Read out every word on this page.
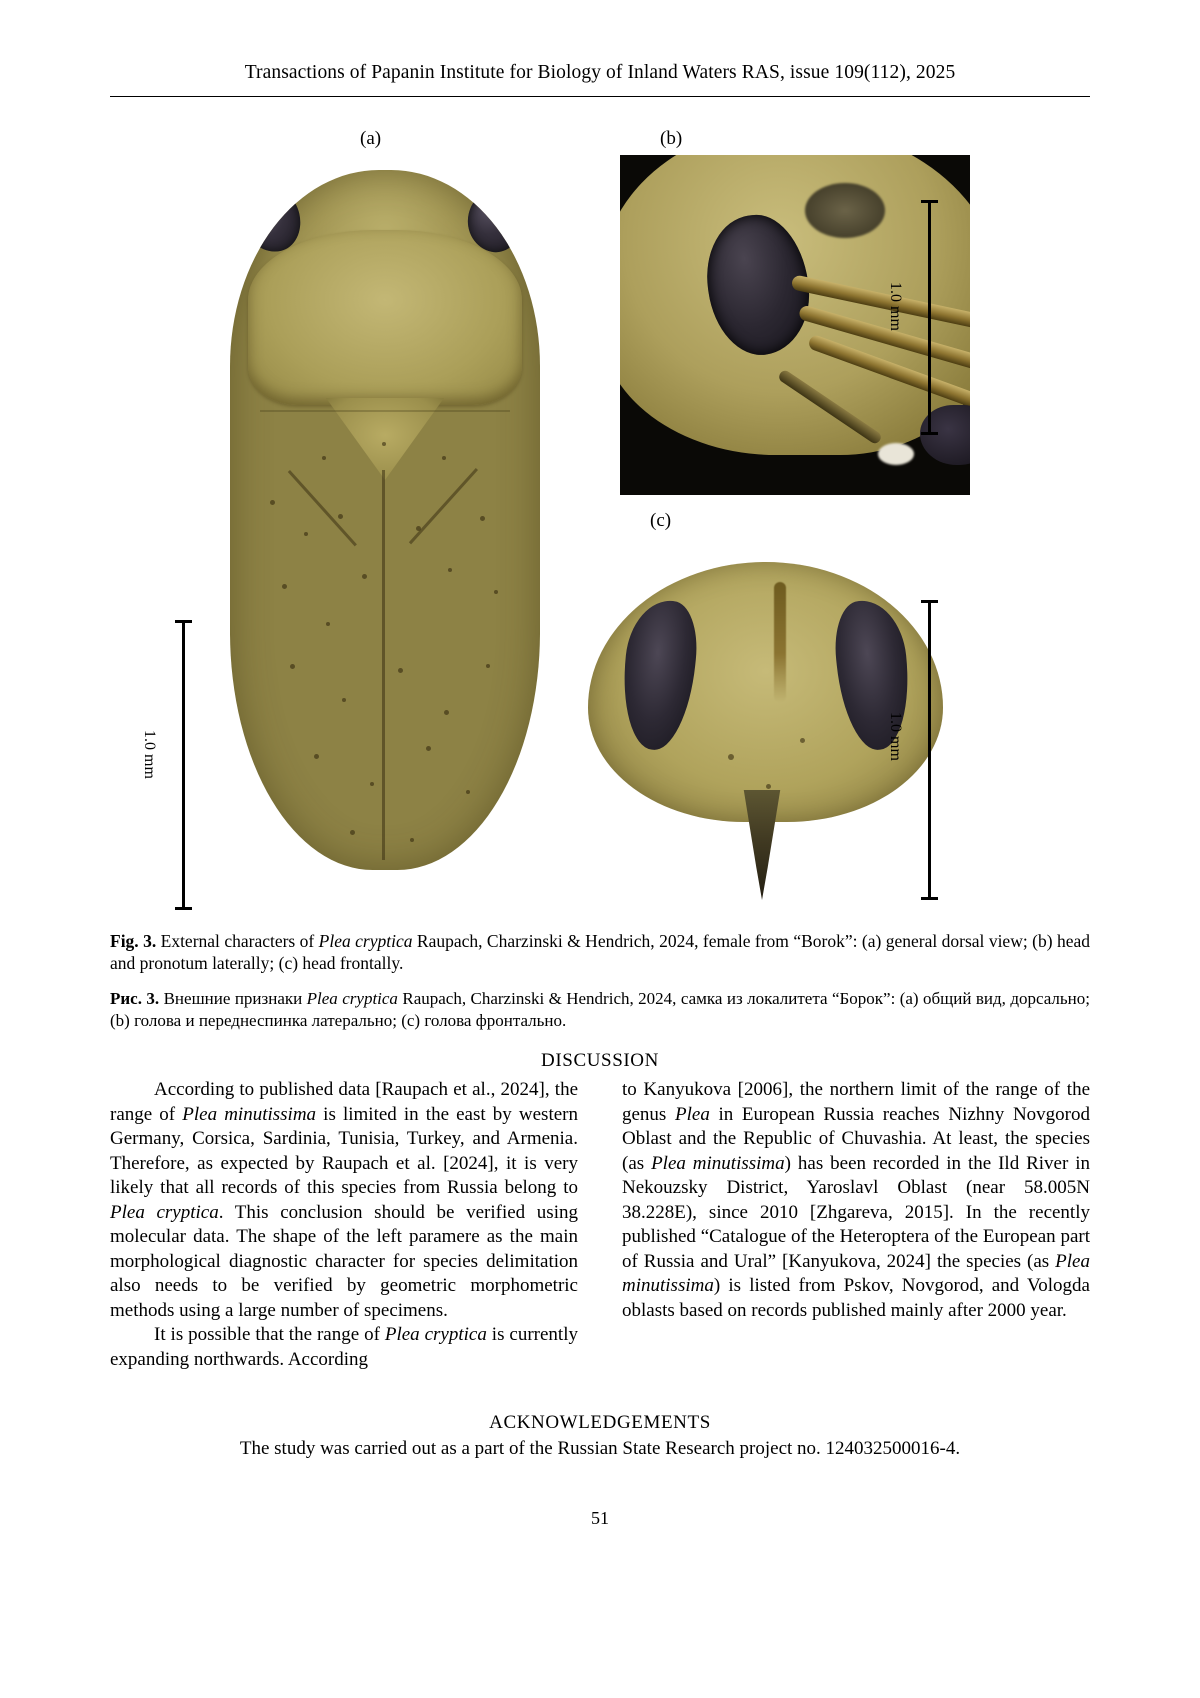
Transactions of Papanin Institute for Biology of Inland Waters RAS, issue 109(112), 2025
(a)	(b)
(c)
1.0 mm
1.0 mm
1.0 mm
Fig. 3. External characters of Plea cryptica Raupach, Charzinski & Hendrich, 2024, female from “Borok”: (a) general dorsal view; (b) head and pronotum laterally; (c) head frontally.
Рис. 3. Внешние признаки Plea cryptica Raupach, Charzinski & Hendrich, 2024, самка из локалитета “Борок”: (a) общий вид, дорсально; (b) голова и переднеспинка латерально; (c) голова фронтально.
DISCUSSION

According to published data [Raupach et al., 2024], the range of Plea minutissima is limited in the east by western Germany, Corsica, Sardinia, Tunisia, Turkey, and Armenia. Therefore, as expected by Raupach et al. [2024], it is very likely that all records of this species from Russia belong to Plea cryptica. This conclusion should be verified using molecular data. The shape of the left paramere as the main morphological diagnostic character for species delimitation also needs to be verified by geometric morphometric methods using a large number of specimens.

It is possible that the range of Plea cryptica is currently expanding northwards. According

to Kanyukova [2006], the northern limit of the range of the genus Plea in European Russia reaches Nizhny Novgorod Oblast and the Republic of Chuvashia. At least, the species (as Plea minutissima) has been recorded in the Ild River in Nekouzsky District, Yaroslavl Oblast (near 58.005N 38.228E), since 2010 [Zhgareva, 2015]. In the recently published “Catalogue of the Heteroptera of the European part of Russia and Ural” [Kanyukova, 2024] the species (as Plea minutissima) is listed from Pskov, Novgorod, and Vologda oblasts based on records published mainly after 2000 year.

ACKNOWLEDGEMENTS
The study was carried out as a part of the Russian State Research project no. 124032500016-4.
51
